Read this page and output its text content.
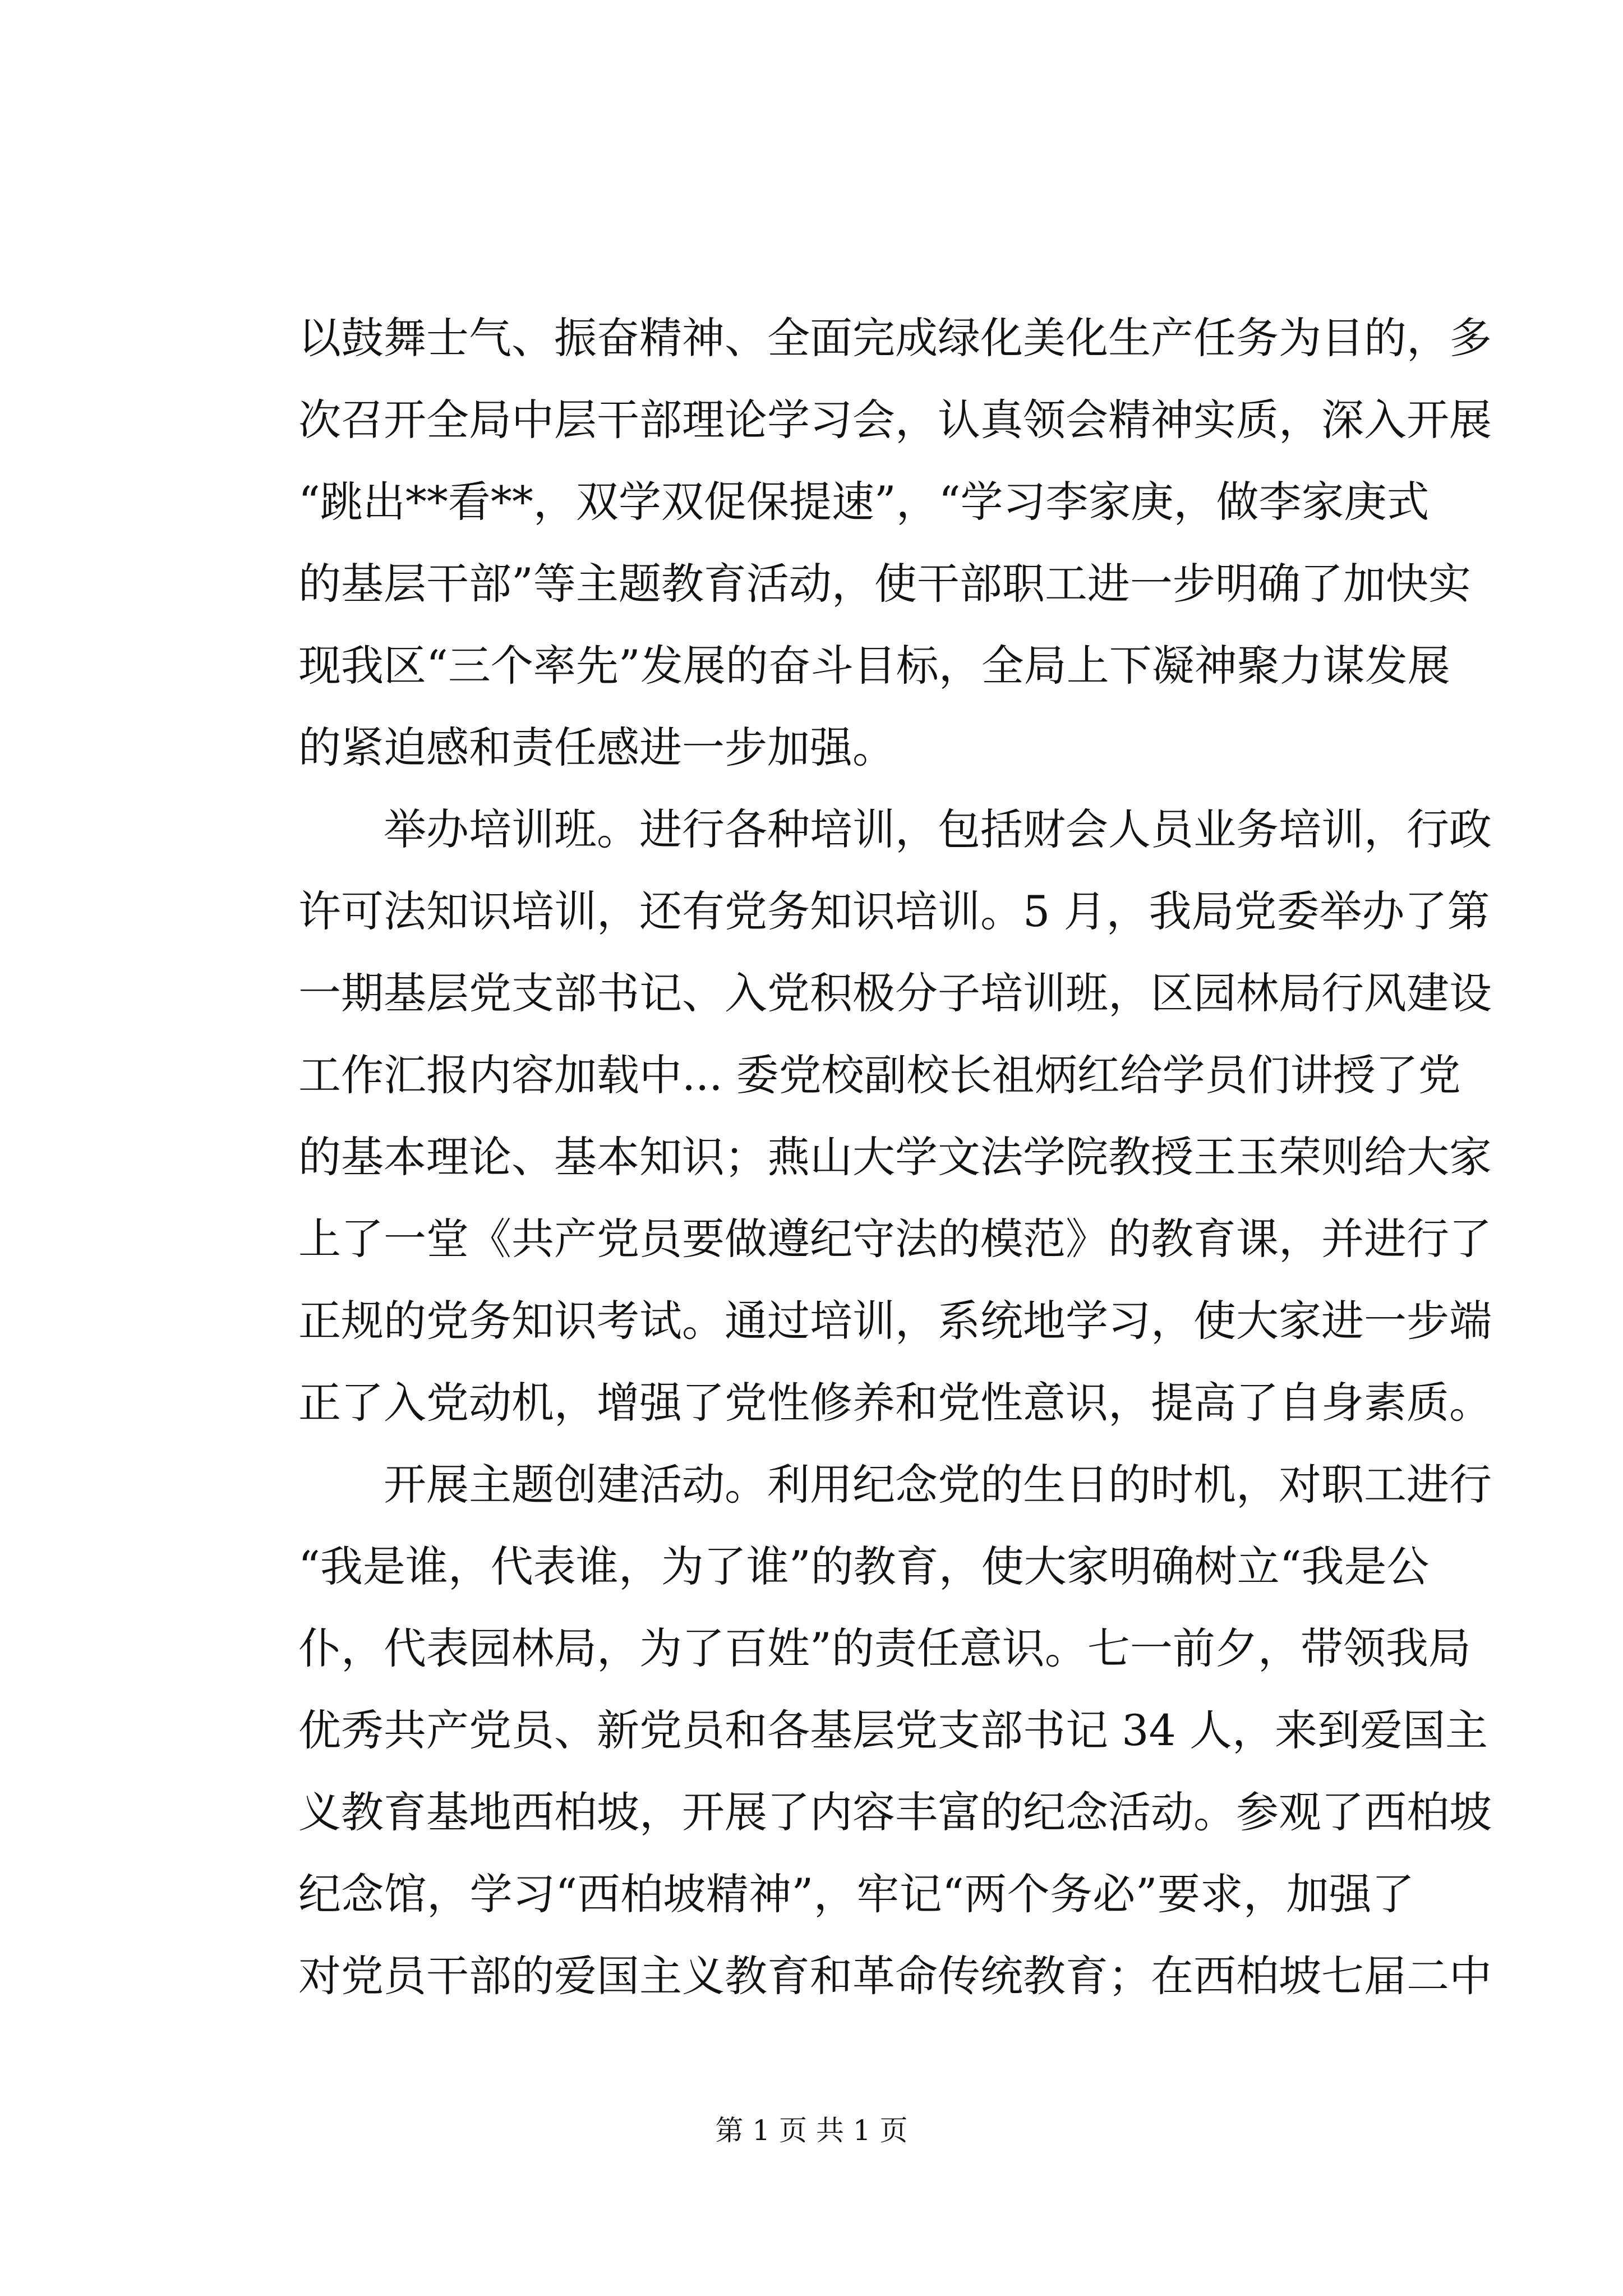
以鼓舞士气、振奋精神、全面完成绿化美化生产任务为目的，多
次召开全局中层干部理论学习会，认真领会精神实质，深入开展
“跳出**看**，双学双促保提速”，“学习李家庚，做李家庚式
的基层干部”等主题教育活动，使干部职工进一步明确了加快实
现我区“三个率先”发展的奋斗目标，全局上下凝神聚力谋发展
的紧迫感和责任感进一步加强。
举办培训班。进行各种培训，包括财会人员业务培训，行政
许可法知识培训，还有党务知识培训。5 月，我局党委举办了第
一期基层党支部书记、入党积极分子培训班，区园林局行风建设
工作汇报内容加载中... 委党校副校长祖炳红给学员们讲授了党
的基本理论、基本知识；燕山大学文法学院教授王玉荣则给大家
上了一堂《共产党员要做遵纪守法的模范》的教育课，并进行了
正规的党务知识考试。通过培训，系统地学习，使大家进一步端
正了入党动机，增强了党性修养和党性意识，提高了自身素质。
开展主题创建活动。利用纪念党的生日的时机，对职工进行
“我是谁，代表谁，为了谁”的教育，使大家明确树立“我是公
仆，代表园林局，为了百姓”的责任意识。七一前夕，带领我局
优秀共产党员、新党员和各基层党支部书记 34 人，来到爱国主
义教育基地西柏坡，开展了内容丰富的纪念活动。参观了西柏坡
纪念馆，学习“西柏坡精神”，牢记“两个务必”要求，加强了
对党员干部的爱国主义教育和革命传统教育；在西柏坡七届二中
第 1 页 共 1 页
